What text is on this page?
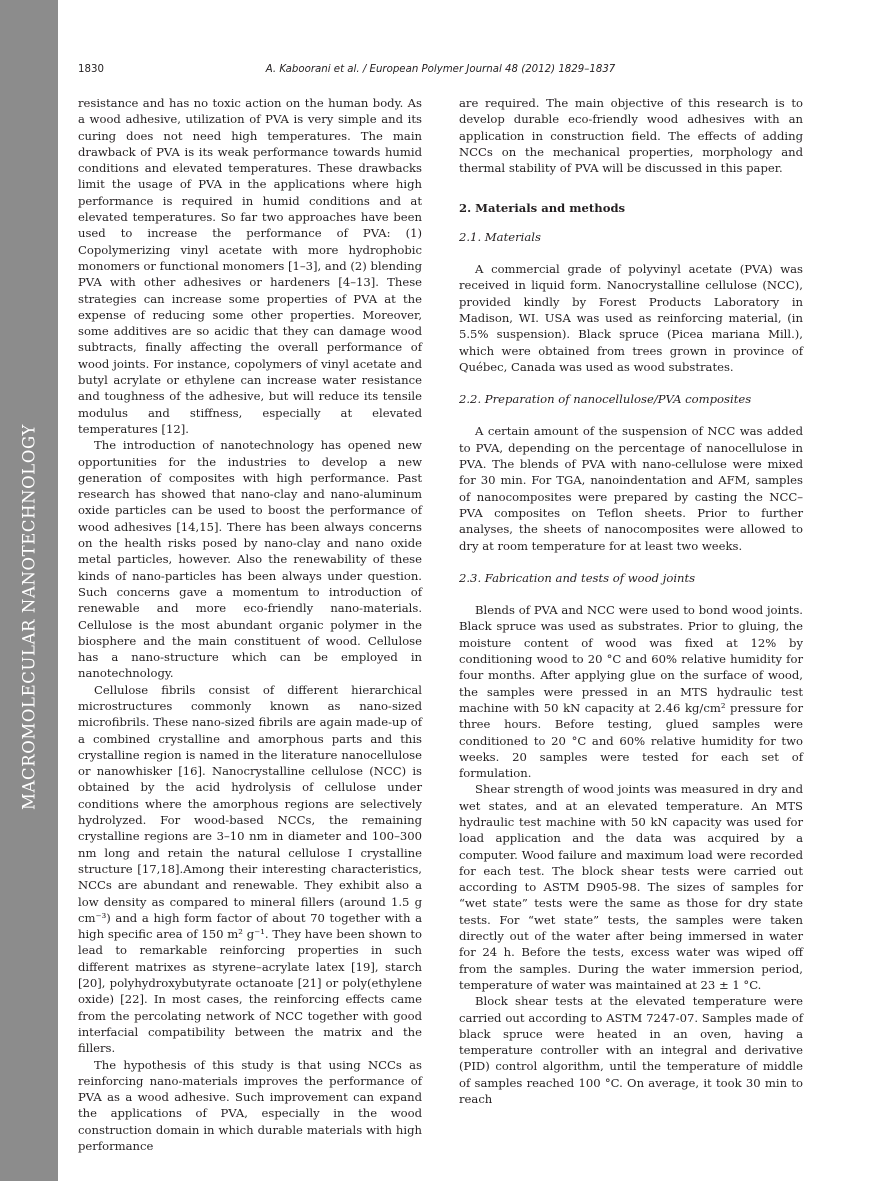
MACROMOLECULAR NANOTECHNOLOGY
1830	A. Kaboorani et al. / European Polymer Journal 48 (2012) 1829–1837

resistance and has no toxic action on the human body. As a wood adhesive, utilization of PVA is very simple and its curing does not need high temperatures. The main drawback of PVA is its weak performance towards humid conditions and elevated temperatures. These drawbacks limit the usage of PVA in the applications where high performance is required in humid conditions and at elevated temperatures. So far two approaches have been used to increase the performance of PVA: (1) Copolymerizing vinyl acetate with more hydrophobic monomers or functional monomers [1–3], and (2) blending PVA with other adhesives or hardeners [4–13]. These strategies can increase some properties of PVA at the expense of reducing some other properties. Moreover, some additives are so acidic that they can damage wood subtracts, finally affecting the overall performance of wood joints. For instance, copolymers of vinyl acetate and butyl acrylate or ethylene can increase water resistance and toughness of the adhesive, but will reduce its tensile modulus and stiffness, especially at elevated temperatures [12].

The introduction of nanotechnology has opened new opportunities for the industries to develop a new generation of composites with high performance. Past research has showed that nano-clay and nano-aluminum oxide particles can be used to boost the performance of wood adhesives [14,15]. There has been always concerns on the health risks posed by nano-clay and nano oxide metal particles, however. Also the renewability of these kinds of nano-particles has been always under question. Such concerns gave a momentum to introduction of renewable and more eco-friendly nano-materials. Cellulose is the most abundant organic polymer in the biosphere and the main constituent of wood. Cellulose has a nano-structure which can be employed in nanotechnology.

Cellulose fibrils consist of different hierarchical microstructures commonly known as nano-sized microfibrils. These nano-sized fibrils are again made-up of a combined crystalline and amorphous parts and this crystalline region is named in the literature nanocellulose or nanowhisker [16]. Nanocrystalline cellulose (NCC) is obtained by the acid hydrolysis of cellulose under conditions where the amorphous regions are selectively hydrolyzed. For wood-based NCCs, the remaining crystalline regions are 3–10 nm in diameter and 100–300 nm long and retain the natural cellulose I crystalline structure [17,18].Among their interesting characteristics, NCCs are abundant and renewable. They exhibit also a low density as compared to mineral fillers (around 1.5 g cm⁻³) and a high form factor of about 70 together with a high specific area of 150 m² g⁻¹. They have been shown to lead to remarkable reinforcing properties in such different matrixes as styrene–acrylate latex [19], starch [20], polyhydroxybutyrate octanoate [21] or poly(ethylene oxide) [22]. In most cases, the reinforcing effects came from the percolating network of NCC together with good interfacial compatibility between the matrix and the fillers.

The hypothesis of this study is that using NCCs as reinforcing nano-materials improves the performance of PVA as a wood adhesive. Such improvement can expand the applications of PVA, especially in the wood construction domain in which durable materials with high performance

are required. The main objective of this research is to develop durable eco-friendly wood adhesives with an application in construction field. The effects of adding NCCs on the mechanical properties, morphology and thermal stability of PVA will be discussed in this paper.

2. Materials and methods
2.1. Materials

A commercial grade of polyvinyl acetate (PVA) was received in liquid form. Nanocrystalline cellulose (NCC), provided kindly by Forest Products Laboratory in Madison, WI. USA was used as reinforcing material, (in 5.5% suspension). Black spruce (Picea mariana Mill.), which were obtained from trees grown in province of Québec, Canada was used as wood substrates.

2.2. Preparation of nanocellulose/PVA composites

A certain amount of the suspension of NCC was added to PVA, depending on the percentage of nanocellulose in PVA. The blends of PVA with nano-cellulose were mixed for 30 min. For TGA, nanoindentation and AFM, samples of nanocomposites were prepared by casting the NCC–PVA composites on Teflon sheets. Prior to further analyses, the sheets of nanocomposites were allowed to dry at room temperature for at least two weeks.

2.3. Fabrication and tests of wood joints

Blends of PVA and NCC were used to bond wood joints. Black spruce was used as substrates. Prior to gluing, the moisture content of wood was fixed at 12% by conditioning wood to 20 °C and 60% relative humidity for four months. After applying glue on the surface of wood, the samples were pressed in an MTS hydraulic test machine with 50 kN capacity at 2.46 kg/cm² pressure for three hours. Before testing, glued samples were conditioned to 20 °C and 60% relative humidity for two weeks. 20 samples were tested for each set of formulation.

Shear strength of wood joints was measured in dry and wet states, and at an elevated temperature. An MTS hydraulic test machine with 50 kN capacity was used for load application and the data was acquired by a computer. Wood failure and maximum load were recorded for each test. The block shear tests were carried out according to ASTM D905-98. The sizes of samples for “wet state” tests were the same as those for dry state tests. For “wet state” tests, the samples were taken directly out of the water after being immersed in water for 24 h. Before the tests, excess water was wiped off from the samples. During the water immersion period, temperature of water was maintained at 23 ± 1 °C.

Block shear tests at the elevated temperature were carried out according to ASTM 7247-07. Samples made of black spruce were heated in an oven, having a temperature controller with an integral and derivative (PID) control algorithm, until the temperature of middle of samples reached 100 °C. On average, it took 30 min to reach
